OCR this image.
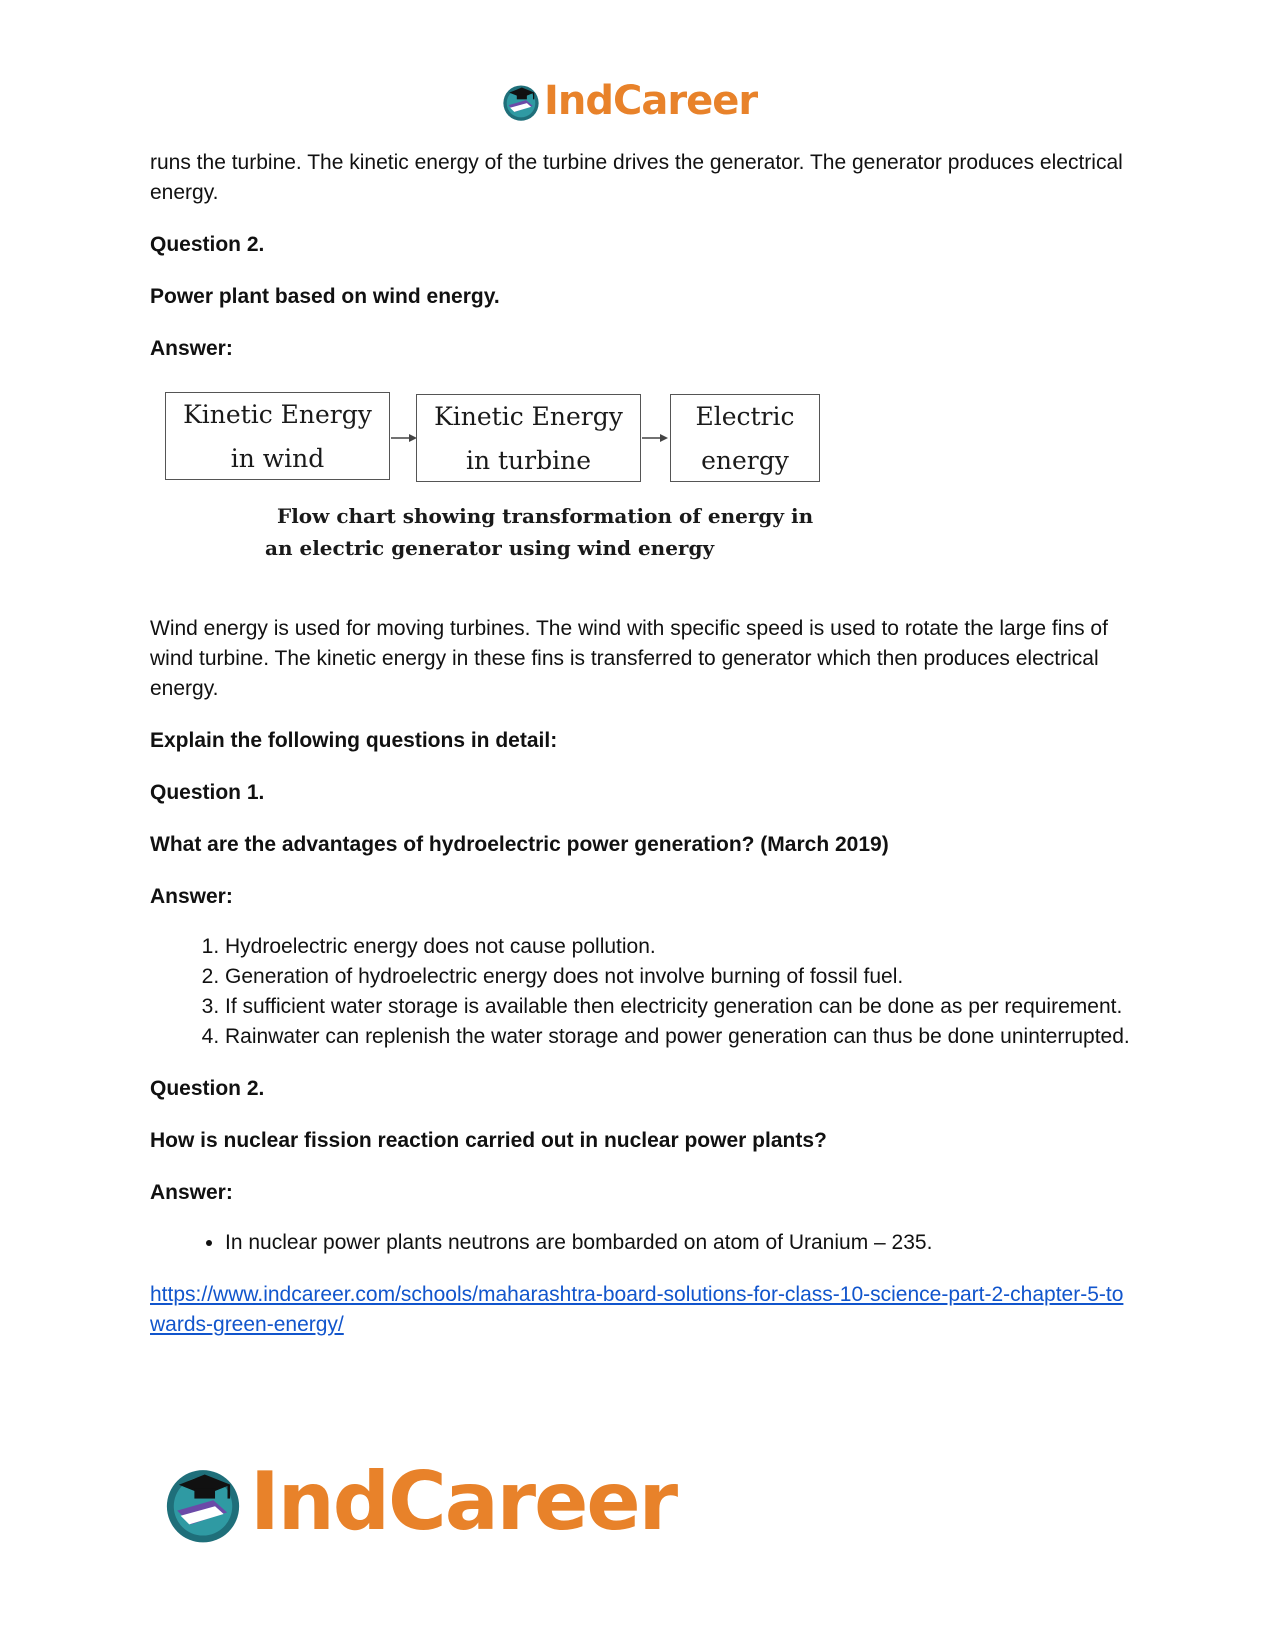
IndCareer

runs the turbine. The kinetic energy of the turbine drives the generator. The generator produces electrical energy.

Question 2.

Power plant based on wind energy.

Answer:

Kinetic Energy
in wind
Kinetic Energy
in turbine
Electric
energy
Flow chart showing transformation of energy in
an electric generator using wind energy

Wind energy is used for moving turbines. The wind with specific speed is used to rotate the large fins of wind turbine. The kinetic energy in these fins is transferred to generator which then produces electrical energy.

Explain the following questions in detail:

Question 1.

What are the advantages of hydroelectric power generation? (March 2019)

Answer:

1. Hydroelectric energy does not cause pollution.
2. Generation of hydroelectric energy does not involve burning of fossil fuel.
3. If sufficient water storage is available then electricity generation can be done as per requirement.
4. Rainwater can replenish the water storage and power generation can thus be done uninterrupted.

Question 2.

How is nuclear fission reaction carried out in nuclear power plants?

Answer:

• In nuclear power plants neutrons are bombarded on atom of Uranium – 235.
https://www.indcareer.com/schools/maharashtra-board-solutions-for-class-10-science-part-2-chapter-5-towards-green-energy/
IndCareer
